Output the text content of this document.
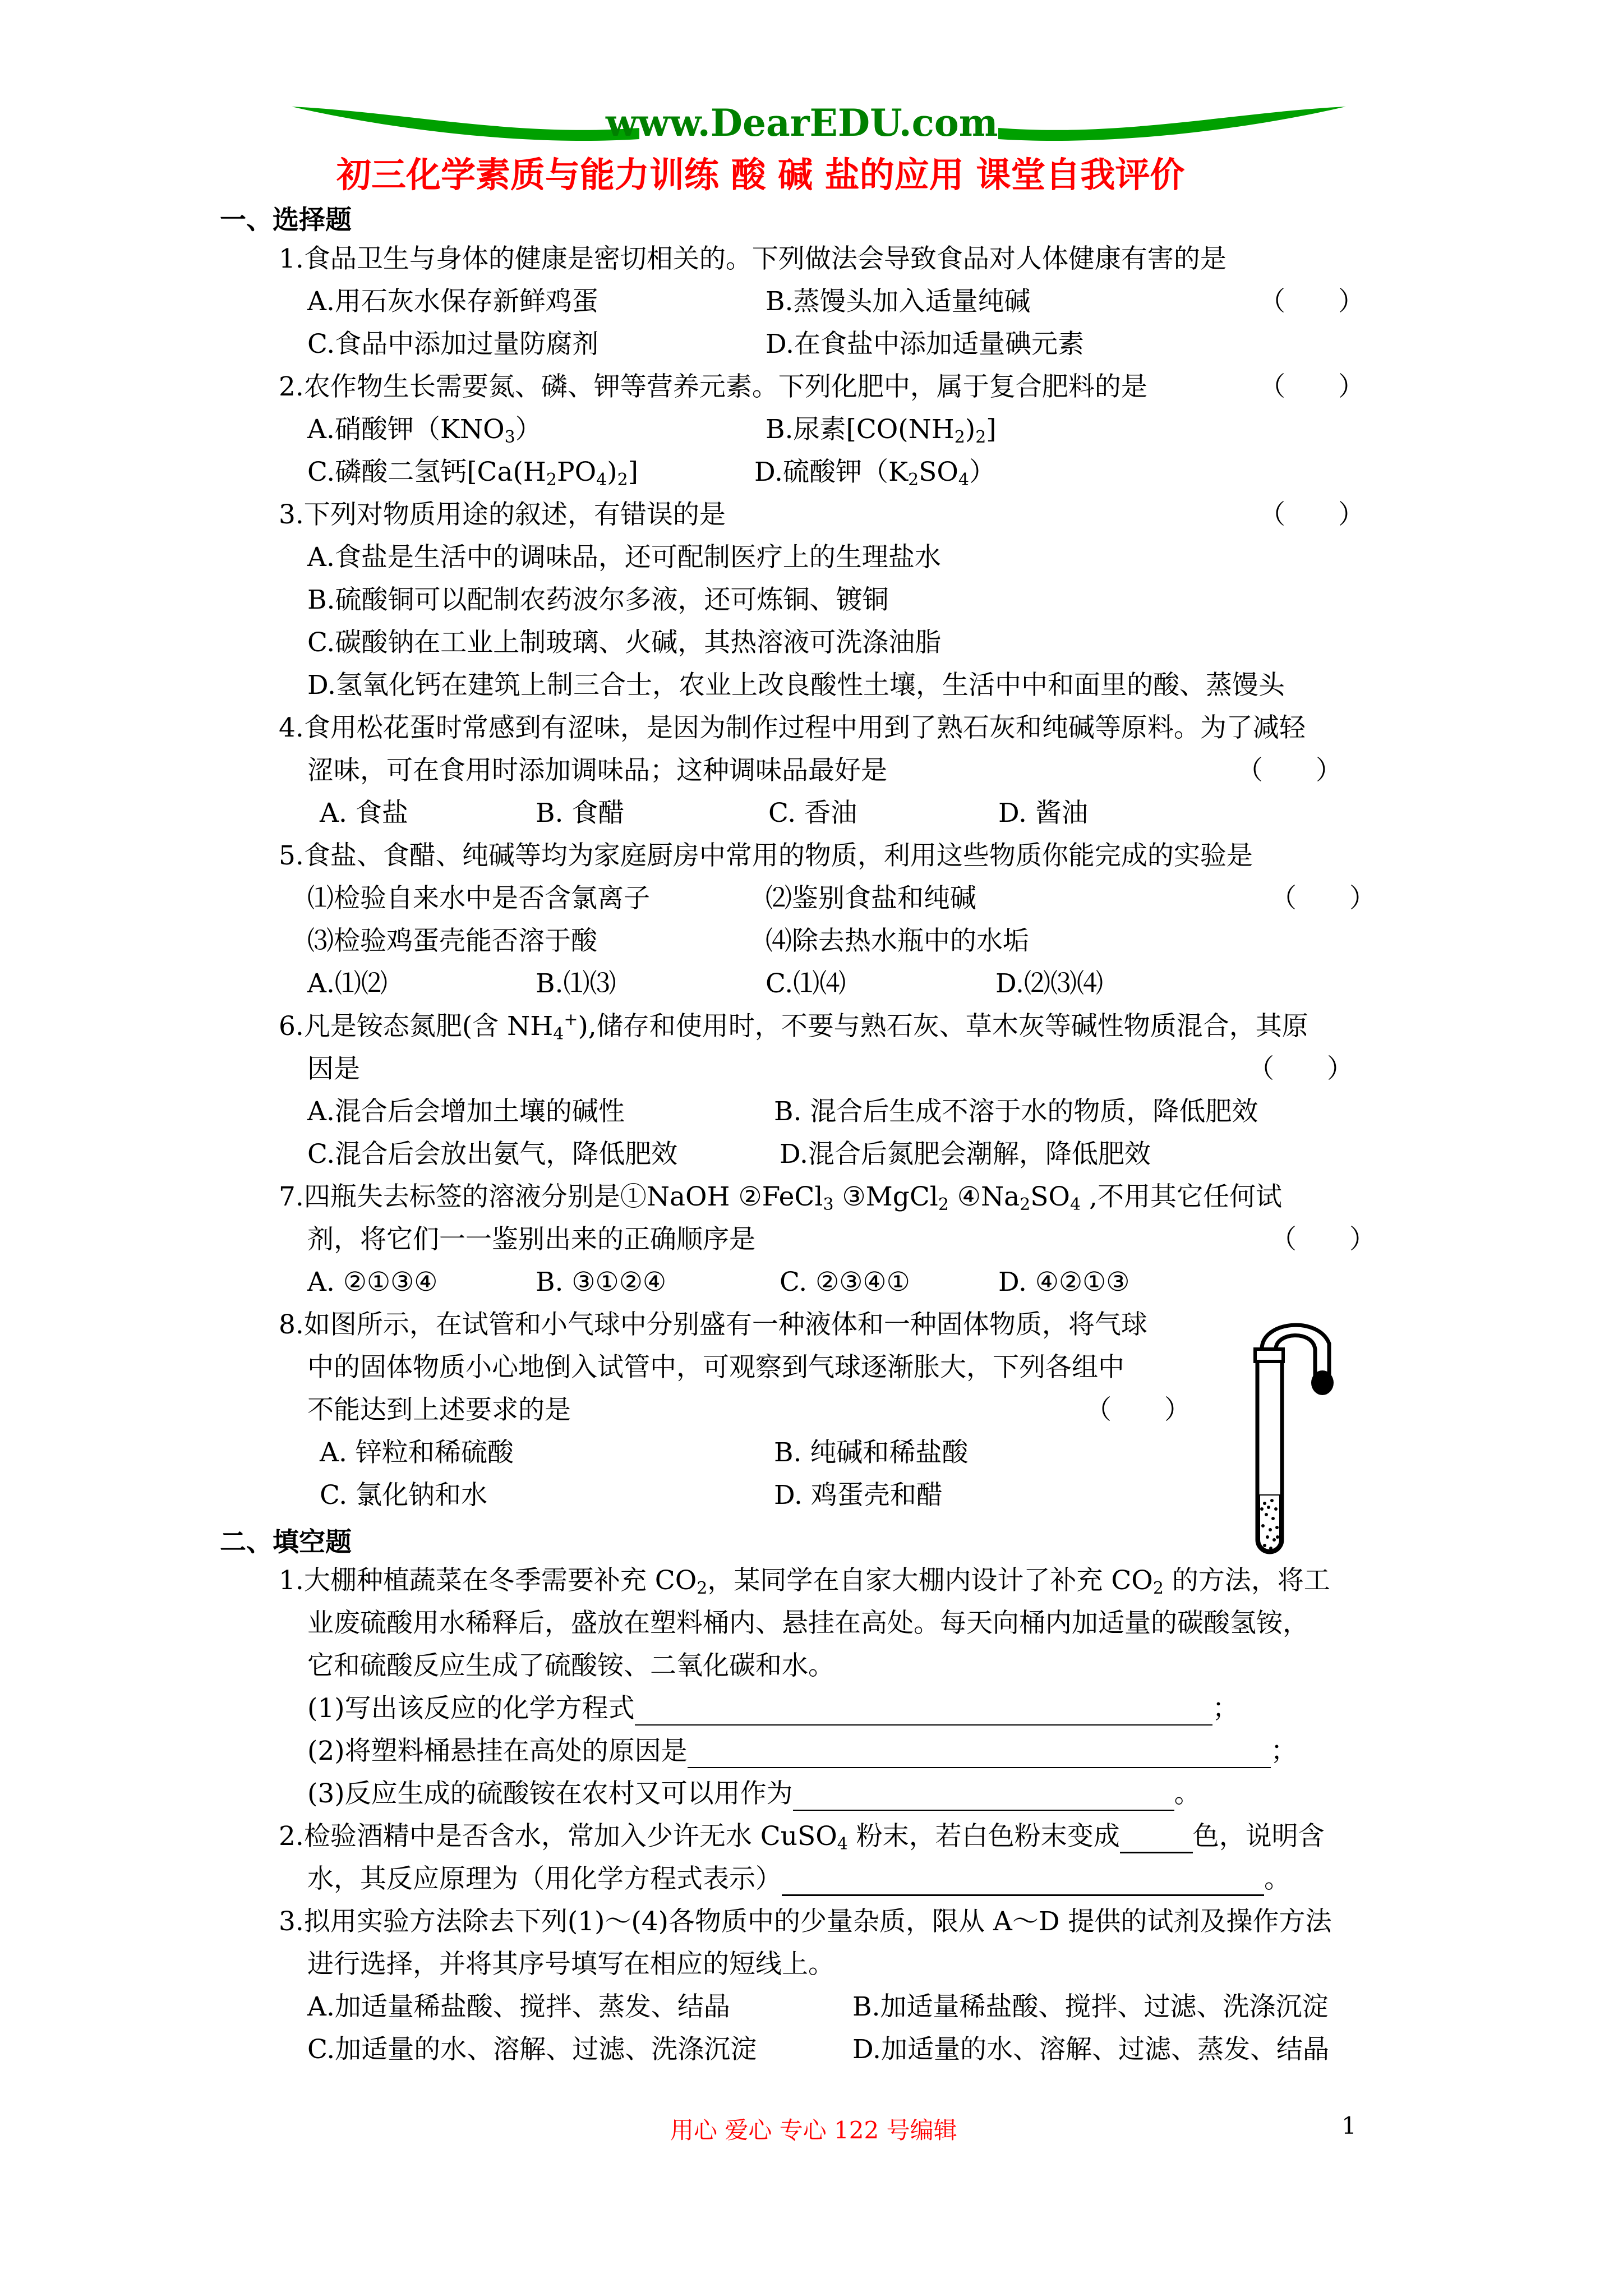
www.DearEDU.com
初三化学素质与能力训练 酸 碱 盐的应用 课堂自我评价
一、选择题
1.食品卫生与身体的健康是密切相关的。下列做法会导致食品对人体健康有害的是
A.用石灰水保存新鲜鸡蛋	B.蒸馒头加入适量纯碱	（　　）
C.食品中添加过量防腐剂	D.在食盐中添加适量碘元素
2.农作物生长需要氮、磷、钾等营养元素。下列化肥中，属于复合肥料的是	（　　）
A.硝酸钾$(KNO_3)$	B.尿素$[CO(NH_2)_2]$
C.磷酸二氢钙$[Ca(H_2PO_4)_2]$	D.硫酸钾$(K_2SO_4)$
3.下列对物质用途的叙述，有错误的是	（　　）
A.食盐是生活中的调味品，还可配制医疗上的生理盐水
B.硫酸铜可以配制农药波尔多液，还可炼铜、镀铜
C.碳酸钠在工业上制玻璃、火碱，其热溶液可洗涤油脂
D.氢氧化钙在建筑上制三合士，农业上改良酸性土壤，生活中中和面里的酸、蒸馒头
4.食用松花蛋时常感到有涩味，是因为制作过程中用到了熟石灰和纯碱等原料。为了减轻
涩味，可在食用时添加调味品；这种调味品最好是	（　　）
A. 食盐	B. 食醋	C. 香油	D. 酱油
5.食盐、食醋、纯碱等均为家庭厨房中常用的物质，利用这些物质你能完成的实验是
⑴检验自来水中是否含氯离子	⑵鉴别食盐和纯碱	（　　）
⑶检验鸡蛋壳能否溶于酸	⑷除去热水瓶中的水垢
A.⑴⑵	B.⑴⑶	C.⑴⑷	D.⑵⑶⑷
6.凡是铵态氮肥(含 $NH_4^+$),储存和使用时，不要与熟石灰、草木灰等碱性物质混合，其原
因是	（　　）
A.混合后会增加土壤的碱性	B. 混合后生成不溶于水的物质，降低肥效
C.混合后会放出氨气，降低肥效	D.混合后氮肥会潮解，降低肥效
7.四瓶失去标签的溶液分别是①NaOH ②FeCl$_3$ ③MgCl$_2$ $④Na_2SO_4$ ,不用其它任何试
剂，将它们一一鉴别出来的正确顺序是	（　　）
A. ②①③④	B. ③①②④	C. ②③④①	D. ④②①③
8.如图所示，在试管和小气球中分别盛有一种液体和一种固体物质，将气球
中的固体物质小心地倒入试管中，可观察到气球逐渐胀大，下列各组中
不能达到上述要求的是	（　　）
A. 锌粒和稀硫酸	B. 纯碱和稀盐酸
C. 氯化钠和水	D. 鸡蛋壳和醋
二、填空题
1.大棚种植蔬菜在冬季需要补充 $CO_2$，某同学在自家大棚内设计了补充 $CO_2$ 的方法，将工
业废硫酸用水稀释后，盛放在塑料桶内、悬挂在高处。每天向桶内加适量的碳酸氢铵，
它和硫酸反应生成了硫酸铵、二氧化碳和水。
(1)写出该反应的化学方程式	；
(2)将塑料桶悬挂在高处的原因是	；
(3)反应生成的硫酸铵在农村又可以用作为	。
2.检验酒精中是否含水，常加入少许无水 CuSO$_4$ 粉末，若白色粉末变成	色，说明含
水，其反应原理为（用化学方程式表示）	。
3.拟用实验方法除去下列(1)～(4)各物质中的少量杂质，限从 A～D 提供的试剂及操作方法
进行选择，并将其序号填写在相应的短线上。
A.加适量稀盐酸、搅拌、蒸发、结晶	B.加适量稀盐酸、搅拌、过滤、洗涤沉淀
C.加适量的水、溶解、过滤、洗涤沉淀	D.加适量的水、溶解、过滤、蒸发、结晶
用心 爱心 专心 122 号编辑	1
